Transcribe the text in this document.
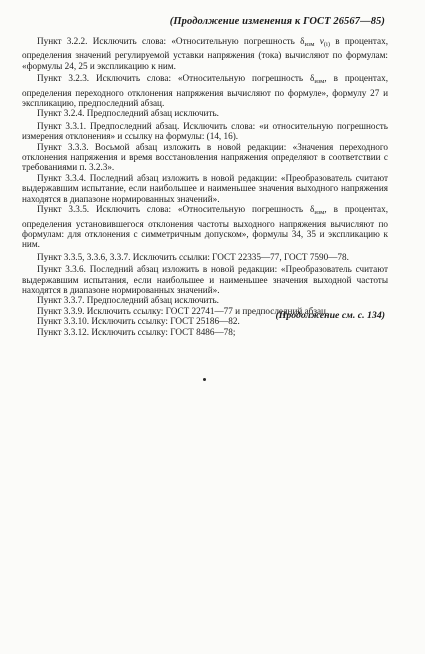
(Продолжение изменения к ГОСТ 26567—85)

Пункт 3.2.2. Исключить слова: «Относительную погрешность $\delta_{изм}$ $v_{(i)}$ в процентах, определения значений регулируемой уставки напряжения (тока) вычисляют по формулам: «формулы 24, 25 и экспликацию к ним.

Пункт 3.2.3. Исключить слова: «Относительную погрешность $\delta_{изм}$, в процентах, определения переходного отклонения напряжения вычисляют по формуле», формулу 27 и экспликацию, предпоследний абзац.

Пункт 3.2.4. Предпоследний абзац исключить.

Пункт 3.3.1. Предпоследний абзац. Исключить слова: «и относительную погрешность измерения отклонения» и ссылку на формулы: (14, 16).

Пункт 3.3.3. Восьмой абзац изложить в новой редакции: «Значения переходного отклонения напряжения и время восстановления напряжения определяют в соответствии с требованиями п. 3.2.3».

Пункт 3.3.4. Последний абзац изложить в новой редакции: «Преобразователь считают выдержавшим испытание, если наибольшее и наименьшее значения выходного напряжения находятся в диапазоне нормированных значений».

Пункт 3.3.5. Исключить слова: «Относительную погрешность $\delta_{изм}$, в процентах, определения установившегося отклонения частоты выходного напряжения вычисляют по формулам: для отклонения с симметричным допуском», формулы 34, 35 и экспликацию к ним.

Пункт 3.3.5, 3.3.6, 3.3.7. Исключить ссылки: ГОСТ 22335—77, ГОСТ 7590—78.

Пункт 3.3.6. Последний абзац изложить в новой редакции: «Преобразователь считают выдержавшим испытания, если наибольшее и наименьшее значения выходной частоты находятся в диапазоне нормированных значений».

Пункт 3.3.7. Предпоследний абзац исключить.

Пункт 3.3.9. Исключить ссылку: ГОСТ 22741—77 и предпоследний абзац.

Пункт 3.3.10. Исключить ссылку: ГОСТ 25186—82.

Пункт 3.3.12. Исключить ссылку: ГОСТ 8486—78;

(Продолжение см. с. 134)
